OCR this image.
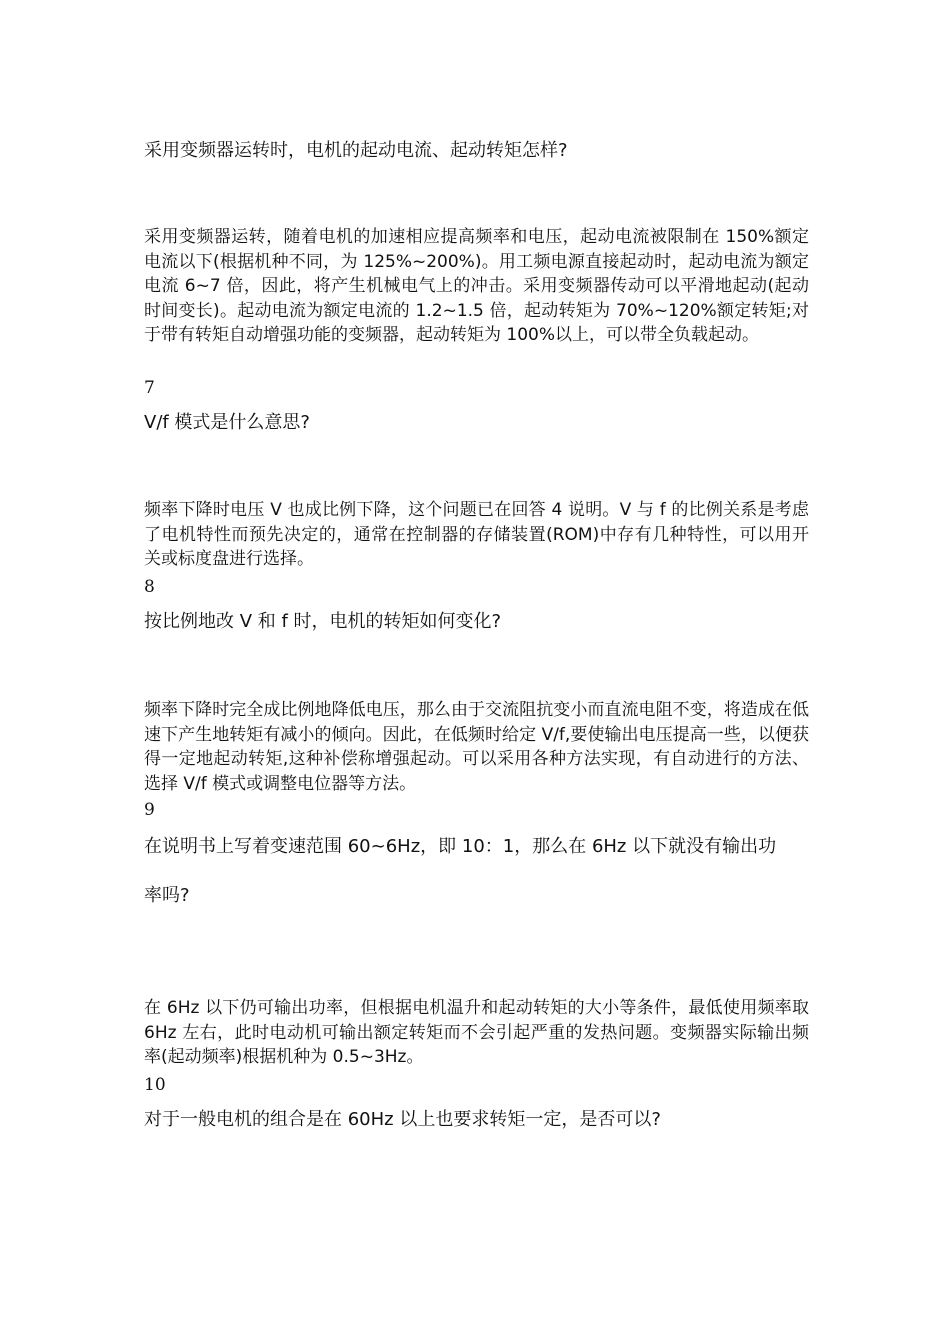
采用变频器运转时，电机的起动电流、起动转矩怎样?

采用变频器运转，随着电机的加速相应提高频率和电压，起动电流被限制在 150%额定电流以下(根据机种不同，为 125%~200%)。用工频电源直接起动时，起动电流为额定电流 6~7 倍，因此，将产生机械电气上的冲击。采用变频器传动可以平滑地起动(起动时间变长)。起动电流为额定电流的 1.2~1.5 倍，起动转矩为 70%~120%额定转矩;对于带有转矩自动增强功能的变频器，起动转矩为 100%以上，可以带全负载起动。

7

V/f 模式是什么意思?

频率下降时电压 V 也成比例下降，这个问题已在回答 4 说明。V 与 f 的比例关系是考虑了电机特性而预先决定的，通常在控制器的存储装置(ROM)中存有几种特性，可以用开关或标度盘进行选择。

8

按比例地改 V 和 f 时，电机的转矩如何变化?

频率下降时完全成比例地降低电压，那么由于交流阻抗变小而直流电阻不变，将造成在低速下产生地转矩有减小的倾向。因此，在低频时给定 V/f,要使输出电压提高一些，以便获得一定地起动转矩,这种补偿称增强起动。可以采用各种方法实现，有自动进行的方法、选择 V/f 模式或调整电位器等方法。

9

在说明书上写着变速范围 60~6Hz，即 10：1，那么在 6Hz 以下就没有输出功

率吗?

在 6Hz 以下仍可输出功率，但根据电机温升和起动转矩的大小等条件，最低使用频率取 6Hz 左右，此时电动机可输出额定转矩而不会引起严重的发热问题。变频器实际输出频率(起动频率)根据机种为 0.5~3Hz。

10

对于一般电机的组合是在 60Hz 以上也要求转矩一定，是否可以?
